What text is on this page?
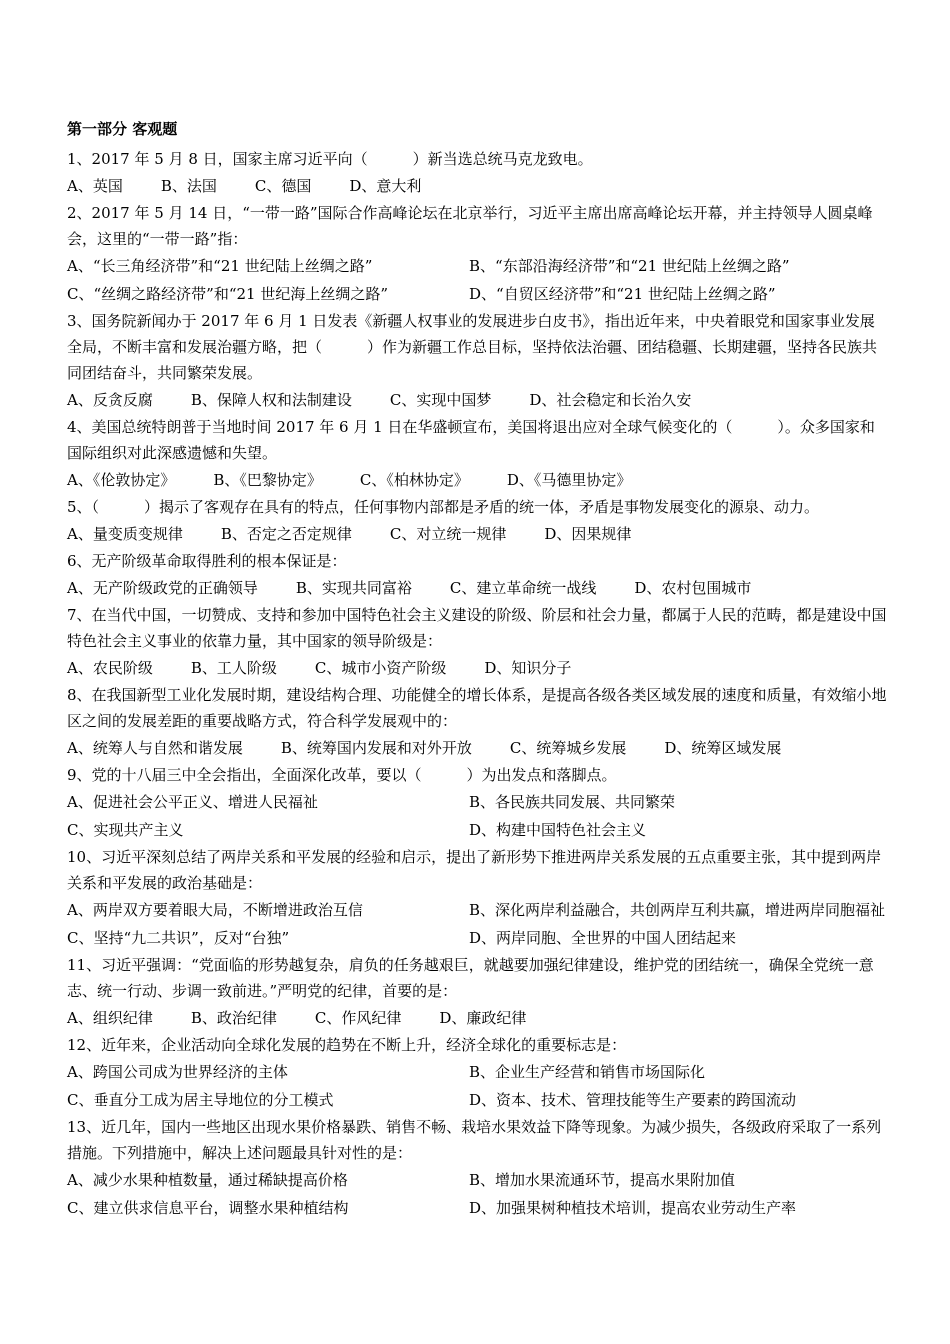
第一部分 客观题
1、2017 年 5 月 8 日，国家主席习近平向（　　　）新当选总统马克龙致电。
A、英国	B、法国	C、德国	D、意大利
2、2017 年 5 月 14 日，“一带一路”国际合作高峰论坛在北京举行，习近平主席出席高峰论坛开幕，并主持领导人圆桌峰会，这里的“一带一路”指：
A、“长三角经济带”和“21 世纪陆上丝绸之路”	B、“东部沿海经济带”和“21 世纪陆上丝绸之路”
C、“丝绸之路经济带”和“21 世纪海上丝绸之路”	D、“自贸区经济带”和“21 世纪陆上丝绸之路”
3、国务院新闻办于 2017 年 6 月 1 日发表《新疆人权事业的发展进步白皮书》，指出近年来，中央着眼党和国家事业发展全局，不断丰富和发展治疆方略，把（　　　）作为新疆工作总目标，坚持依法治疆、团结稳疆、长期建疆，坚持各民族共同团结奋斗，共同繁荣发展。
A、反贪反腐	B、保障人权和法制建设	C、实现中国梦	D、社会稳定和长治久安
4、美国总统特朗普于当地时间 2017 年 6 月 1 日在华盛顿宣布，美国将退出应对全球气候变化的（　　　）。众多国家和国际组织对此深感遗憾和失望。
A、《伦敦协定》	B、《巴黎协定》	C、《柏林协定》	D、《马德里协定》
5、（　　　）揭示了客观存在具有的特点，任何事物内部都是矛盾的统一体，矛盾是事物发展变化的源泉、动力。
A、量变质变规律	B、否定之否定规律	C、对立统一规律	D、因果规律
6、无产阶级革命取得胜利的根本保证是：
A、无产阶级政党的正确领导	B、实现共同富裕	C、建立革命统一战线	D、农村包围城市
7、在当代中国，一切赞成、支持和参加中国特色社会主义建设的阶级、阶层和社会力量，都属于人民的范畴，都是建设中国特色社会主义事业的依靠力量，其中国家的领导阶级是：
A、农民阶级	B、工人阶级	C、城市小资产阶级	D、知识分子
8、在我国新型工业化发展时期，建设结构合理、功能健全的增长体系，是提高各级各类区域发展的速度和质量，有效缩小地区之间的发展差距的重要战略方式，符合科学发展观中的：
A、统筹人与自然和谐发展	B、统筹国内发展和对外开放	C、统筹城乡发展	D、统筹区域发展
9、党的十八届三中全会指出，全面深化改革，要以（　　　）为出发点和落脚点。
A、促进社会公平正义、增进人民福祉	B、各民族共同发展、共同繁荣
C、实现共产主义	D、构建中国特色社会主义
10、习近平深刻总结了两岸关系和平发展的经验和启示，提出了新形势下推进两岸关系发展的五点重要主张，其中提到两岸关系和平发展的政治基础是：
A、两岸双方要着眼大局，不断增进政治互信	B、深化两岸利益融合，共创两岸互利共赢，增进两岸同胞福祉
C、坚持“九二共识”，反对“台独”	D、两岸同胞、全世界的中国人团结起来
11、习近平强调：“党面临的形势越复杂，肩负的任务越艰巨，就越要加强纪律建设，维护党的团结统一，确保全党统一意志、统一行动、步调一致前进。”严明党的纪律，首要的是：
A、组织纪律	B、政治纪律	C、作风纪律	D、廉政纪律
12、近年来，企业活动向全球化发展的趋势在不断上升，经济全球化的重要标志是：
A、跨国公司成为世界经济的主体	B、企业生产经营和销售市场国际化
C、垂直分工成为居主导地位的分工模式	D、资本、技术、管理技能等生产要素的跨国流动
13、近几年，国内一些地区出现水果价格暴跌、销售不畅、栽培水果效益下降等现象。为减少损失，各级政府采取了一系列措施。下列措施中，解决上述问题最具针对性的是：
A、减少水果种植数量，通过稀缺提高价格	B、增加水果流通环节，提高水果附加值
C、建立供求信息平台，调整水果种植结构	D、加强果树种植技术培训，提高农业劳动生产率
